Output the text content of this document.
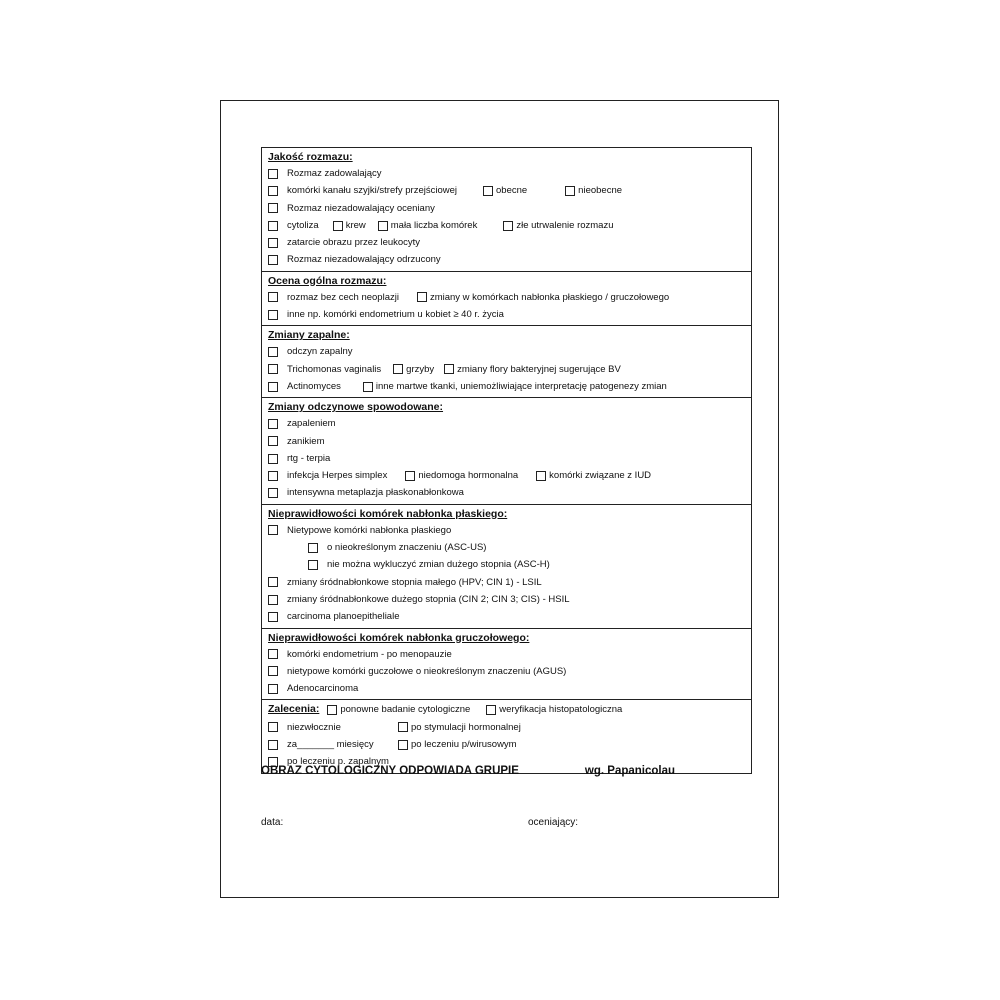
Jakość rozmazu:
Rozmaz zadowalający
komórki kanału szyjki/strefy przejściowej	obecne	nieobecne
Rozmaz niezadowalający oceniany
cytoliza	krew	mała liczba komórek	złe utrwalenie rozmazu
zatarcie obrazu przez leukocyty
Rozmaz niezadowalający odrzucony
Ocena ogólna rozmazu:
rozmaz bez cech neoplazji	zmiany w komórkach nabłonka płaskiego / gruczołowego
inne np. komórki endometrium u kobiet ≥ 40 r. życia
Zmiany zapalne:
odczyn zapalny
Trichomonas vaginalis	grzyby zmiany flory bakteryjnej sugerujące BV
Actinomyces	inne martwe tkanki, uniemożliwiające interpretację patogenezy zmian
Zmiany odczynowe spowodowane:
zapaleniem
zanikiem
rtg - terpia
infekcja Herpes simplex	niedomoga hormonalna	komórki związane z IUD
intensywna metaplazja płaskonabłonkowa
Nieprawidłowości komórek nabłonka płaskiego:
Nietypowe komórki nabłonka płaskiego
o nieokreślonym znaczeniu (ASC-US)
nie można wykluczyć zmian dużego stopnia (ASC-H)
zmiany śródnabłonkowe stopnia małego (HPV; CIN 1) - LSIL
zmiany śródnabłonkowe dużego stopnia (CIN 2; CIN 3; CIS) - HSIL
carcinoma planoepitheliale
Nieprawidłowości komórek nabłonka gruczołowego:
komórki endometrium - po menopauzie
nietypowe komórki guczołowe o nieokreślonym znaczeniu (AGUS)
Adenocarcinoma
Zalecenia: ponowne badanie cytologiczne	weryfikacja histopatologiczna
niezwłocznie	po stymulacji hormonalnej
za_______ miesięcy	po leczeniu p/wirusowym
po leczeniu p. zapalnym
OBRAZ CYTOLOGICZNY ODPOWIADA GRUPIE	wg. Papanicolau
data:	oceniający:
